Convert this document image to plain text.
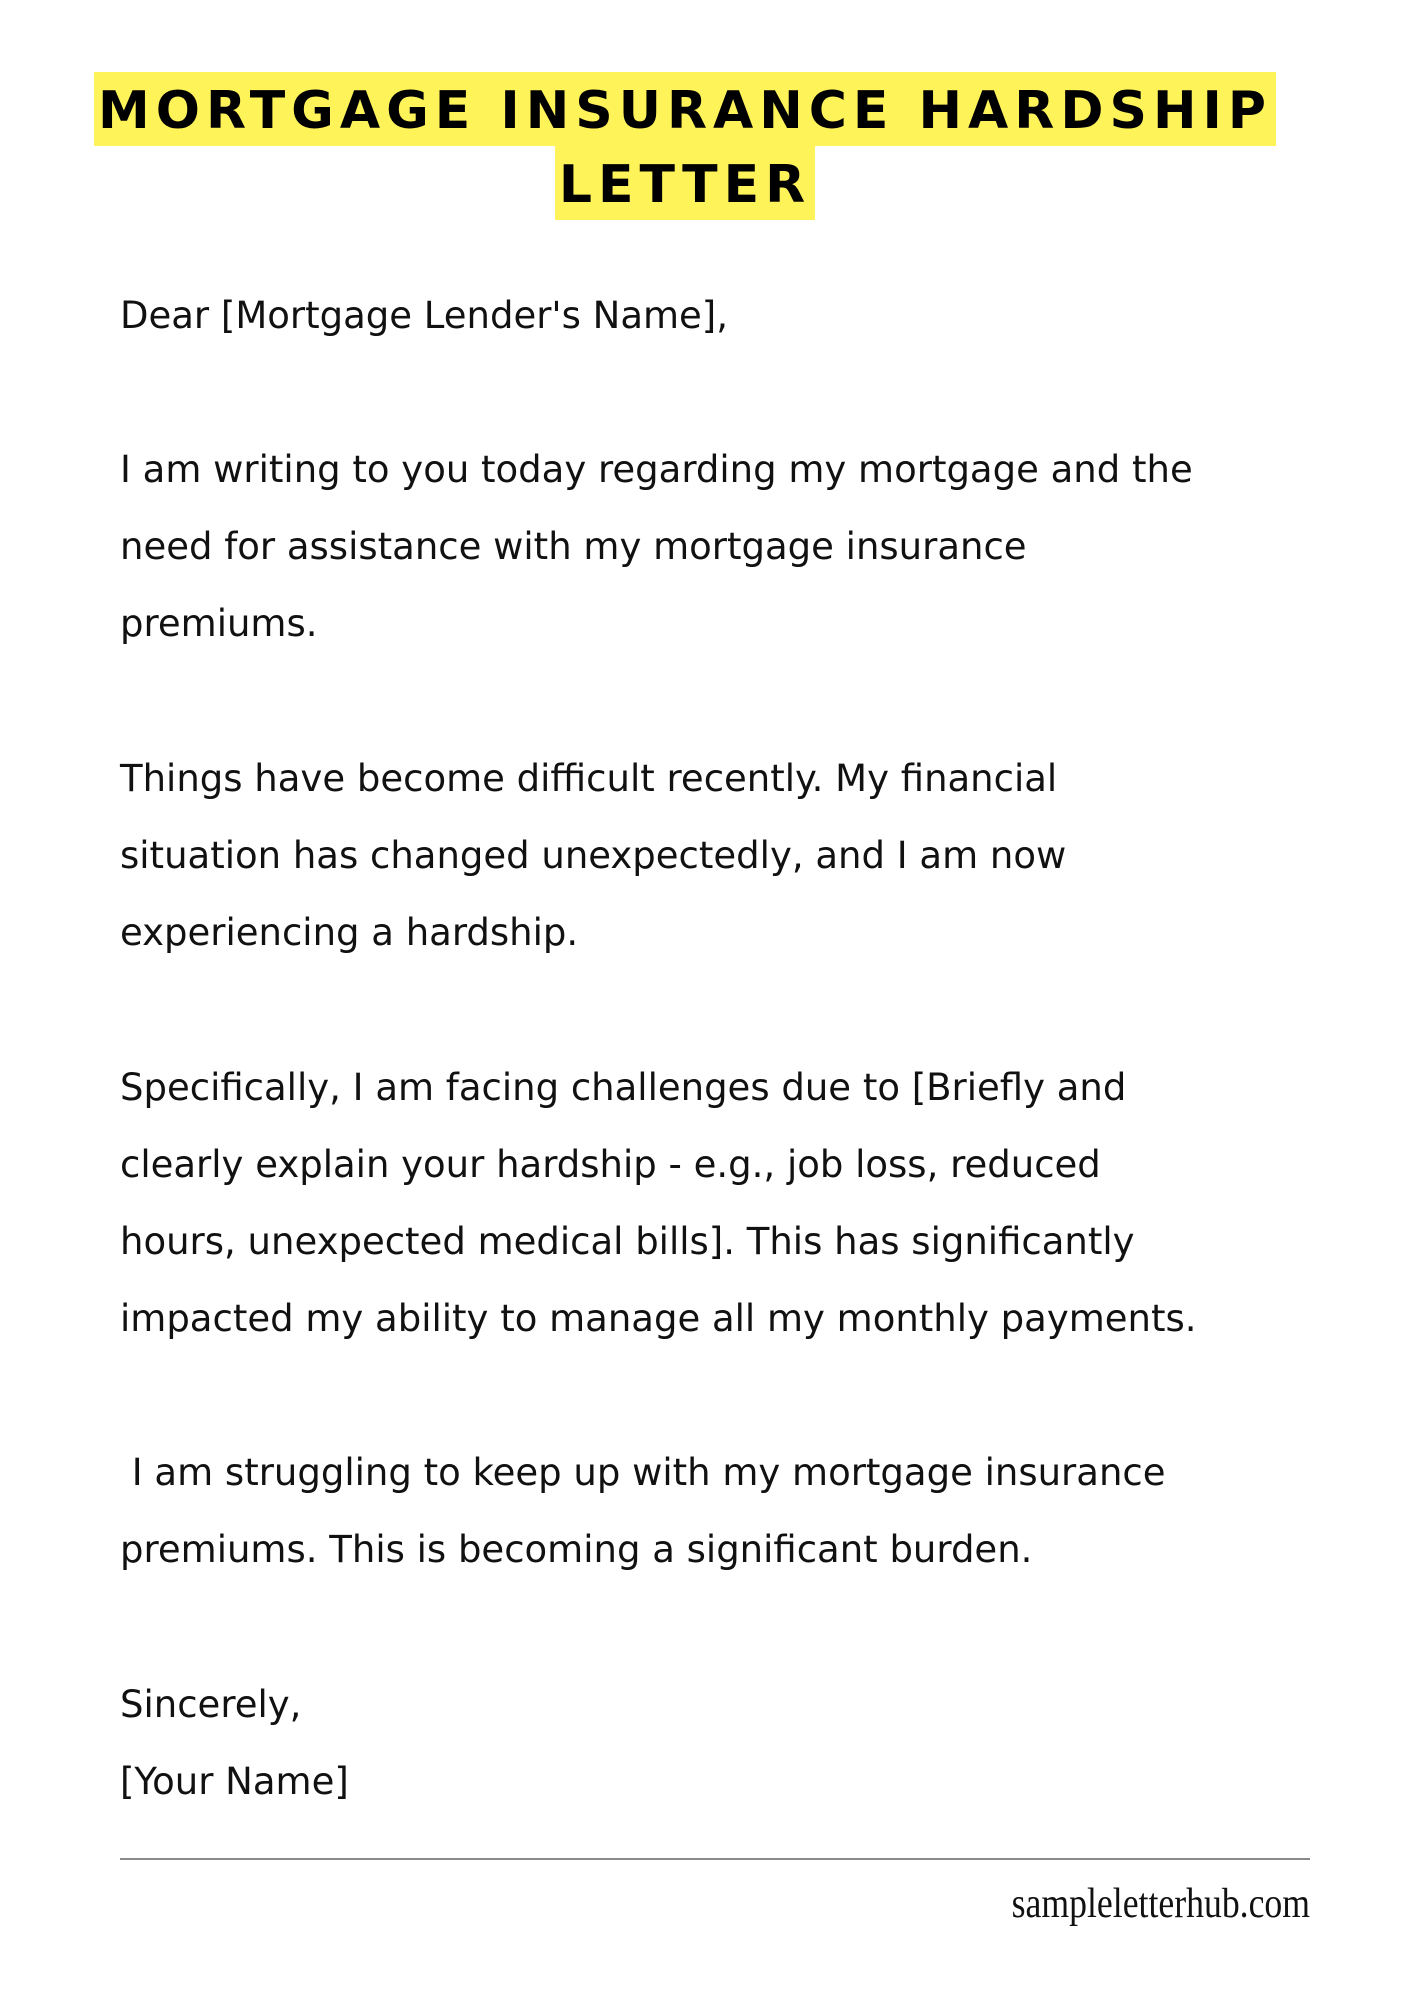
MORTGAGE INSURANCE HARDSHIP
LETTER
Dear [Mortgage Lender's Name],
I am writing to you today regarding my mortgage and the
need for assistance with my mortgage insurance
premiums.
Things have become difficult recently. My financial
situation has changed unexpectedly, and I am now
experiencing a hardship.
Specifically, I am facing challenges due to [Briefly and
clearly explain your hardship - e.g., job loss, reduced
hours, unexpected medical bills]. This has significantly
impacted my ability to manage all my monthly payments.
I am struggling to keep up with my mortgage insurance
premiums. This is becoming a significant burden.
Sincerely,
[Your Name]
sampleletterhub.com
